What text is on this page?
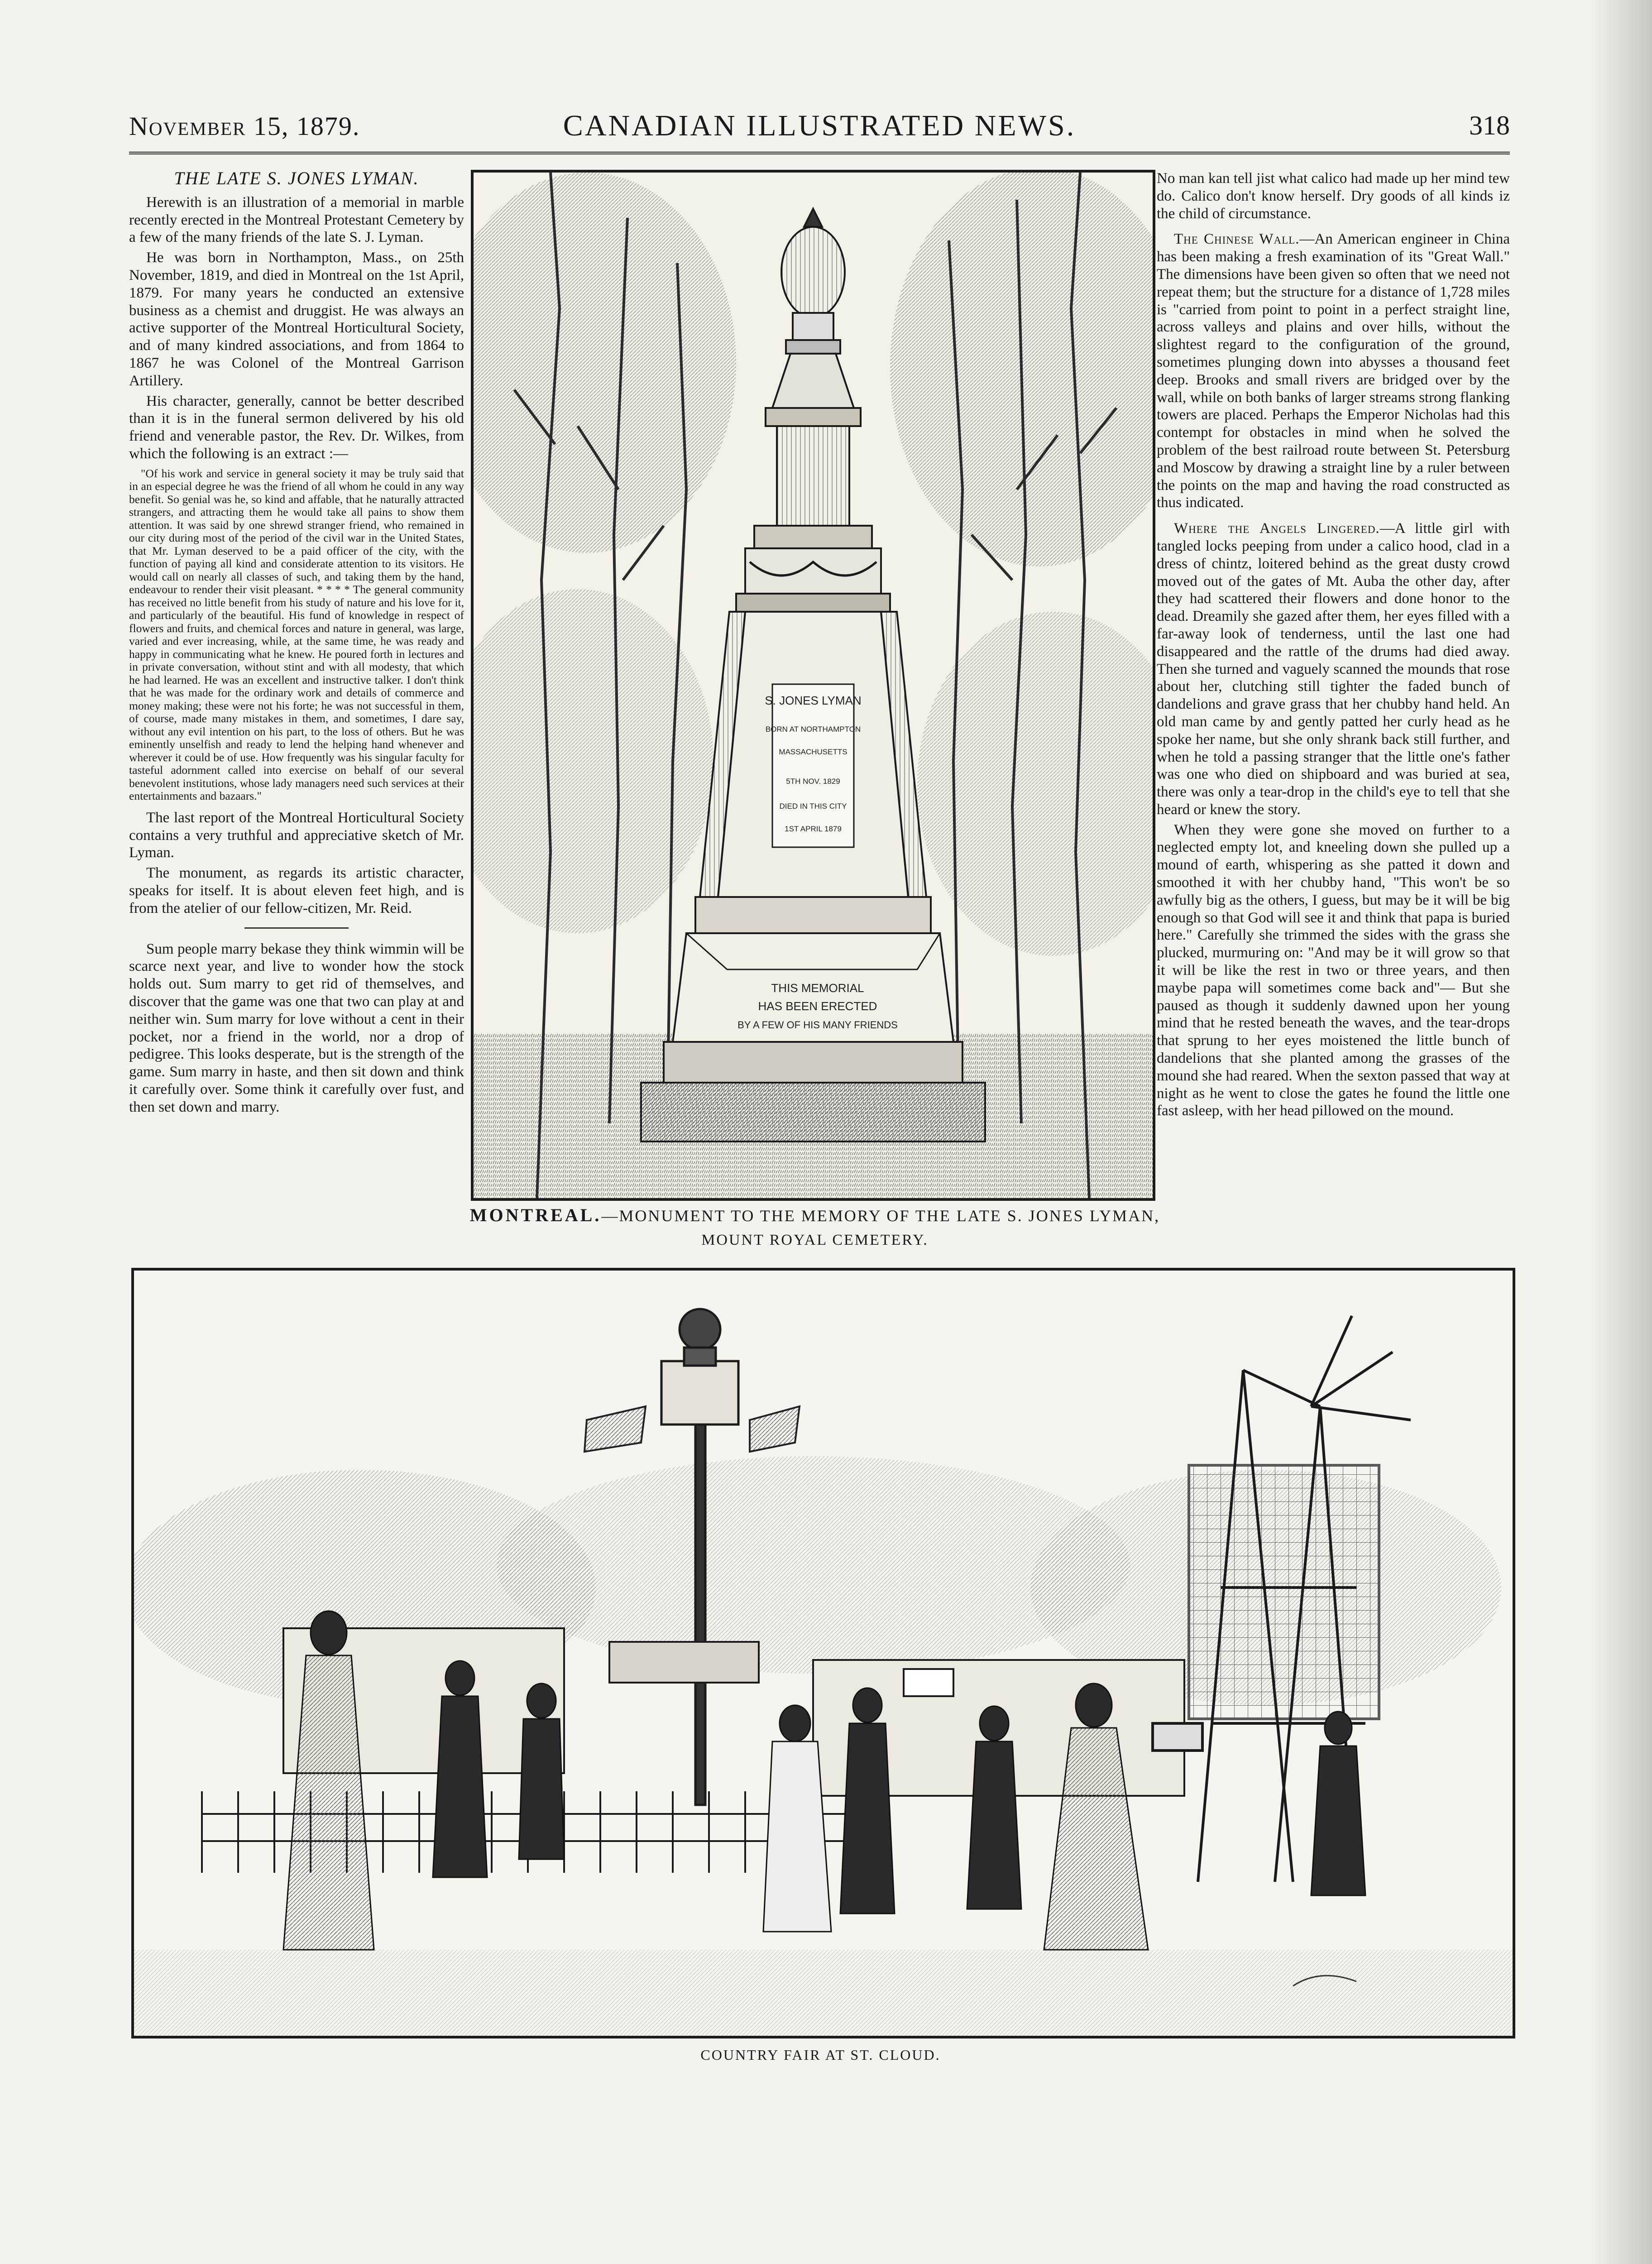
November 15, 1879.	CANADIAN ILLUSTRATED NEWS.	318

THE LATE S. JONES LYMAN.

Herewith is an illustration of a memorial in marble recently erected in the Montreal Protestant Cemetery by a few of the many friends of the late S. J. Lyman.

He was born in Northampton, Mass., on 25th November, 1819, and died in Montreal on the 1st April, 1879. For many years he conducted an extensive business as a chemist and druggist. He was always an active supporter of the Montreal Horticultural Society, and of many kindred associations, and from 1864 to 1867 he was Colonel of the Montreal Garrison Artillery.

His character, generally, cannot be better described than it is in the funeral sermon delivered by his old friend and venerable pastor, the Rev. Dr. Wilkes, from which the following is an extract :—

"Of his work and service in general society it may be truly said that in an especial degree he was the friend of all whom he could in any way benefit. So genial was he, so kind and affable, that he naturally attracted strangers, and attracting them he would take all pains to show them attention. It was said by one shrewd stranger friend, who remained in our city during most of the period of the civil war in the United States, that Mr. Lyman deserved to be a paid officer of the city, with the function of paying all kind and considerate attention to its visitors. He would call on nearly all classes of such, and taking them by the hand, endeavour to render their visit pleasant. * * * * The general community has received no little benefit from his study of nature and his love for it, and particularly of the beautiful. His fund of knowledge in respect of flowers and fruits, and chemical forces and nature in general, was large, varied and ever increasing, while, at the same time, he was ready and happy in communicating what he knew. He poured forth in lectures and in private conversation, without stint and with all modesty, that which he had learned. He was an excellent and instructive talker. I don't think that he was made for the ordinary work and details of commerce and money making; these were not his forte; he was not successful in them, of course, made many mistakes in them, and sometimes, I dare say, without any evil intention on his part, to the loss of others. But he was eminently unselfish and ready to lend the helping hand whenever and wherever it could be of use. How frequently was his singular faculty for tasteful adornment called into exercise on behalf of our several benevolent institutions, whose lady managers need such services at their entertainments and bazaars."

The last report of the Montreal Horticultural Society contains a very truthful and appreciative sketch of Mr. Lyman.

The monument, as regards its artistic character, speaks for itself. It is about eleven feet high, and is from the atelier of our fellow-citizen, Mr. Reid.

Sum people marry bekase they think wimmin will be scarce next year, and live to wonder how the stock holds out. Sum marry to get rid of themselves, and discover that the game was one that two can play at and neither win. Sum marry for love without a cent in their pocket, nor a friend in the world, nor a drop of pedigree. This looks desperate, but is the strength of the game. Sum marry in haste, and then sit down and think it carefully over. Some think it carefully over fust, and then set down and marry.

S. JONES LYMAN
BORN AT NORTHAMPTON
MASSACHUSETTS
5TH NOV. 1829
DIED IN THIS CITY
1ST APRIL 1879
THIS MEMORIAL
HAS BEEN ERECTED
BY A FEW OF HIS MANY FRIENDS
MONTREAL.—MONUMENT TO THE MEMORY OF THE LATE S. JONES LYMAN,
MOUNT ROYAL CEMETERY.

No man kan tell jist what calico had made up her mind tew do. Calico don't know herself. Dry goods of all kinds iz the child of circumstance.

The Chinese Wall.—An American engineer in China has been making a fresh examination of its "Great Wall." The dimensions have been given so often that we need not repeat them; but the structure for a distance of 1,728 miles is "carried from point to point in a perfect straight line, across valleys and plains and over hills, without the slightest regard to the configuration of the ground, sometimes plunging down into abysses a thousand feet deep. Brooks and small rivers are bridged over by the wall, while on both banks of larger streams strong flanking towers are placed. Perhaps the Emperor Nicholas had this contempt for obstacles in mind when he solved the problem of the best railroad route between St. Petersburg and Moscow by drawing a straight line by a ruler between the points on the map and having the road constructed as thus indicated.

Where the Angels Lingered.—A little girl with tangled locks peeping from under a calico hood, clad in a dress of chintz, loitered behind as the great dusty crowd moved out of the gates of Mt. Auba the other day, after they had scattered their flowers and done honor to the dead. Dreamily she gazed after them, her eyes filled with a far-away look of tenderness, until the last one had disappeared and the rattle of the drums had died away. Then she turned and vaguely scanned the mounds that rose about her, clutching still tighter the faded bunch of dandelions and grave grass that her chubby hand held. An old man came by and gently patted her curly head as he spoke her name, but she only shrank back still further, and when he told a passing stranger that the little one's father was one who died on shipboard and was buried at sea, there was only a tear-drop in the child's eye to tell that she heard or knew the story.

When they were gone she moved on further to a neglected empty lot, and kneeling down she pulled up a mound of earth, whispering as she patted it down and smoothed it with her chubby hand, "This won't be so awfully big as the others, I guess, but may be it will be big enough so that God will see it and think that papa is buried here." Carefully she trimmed the sides with the grass she plucked, murmuring on: "And may be it will grow so that it will be like the rest in two or three years, and then maybe papa will sometimes come back and"— But she paused as though it suddenly dawned upon her young mind that he rested beneath the waves, and the tear-drops that sprung to her eyes moistened the little bunch of dandelions that she planted among the grasses of the mound she had reared. When the sexton passed that way at night as he went to close the gates he found the little one fast asleep, with her head pillowed on the mound.

COUNTRY FAIR AT ST. CLOUD.
